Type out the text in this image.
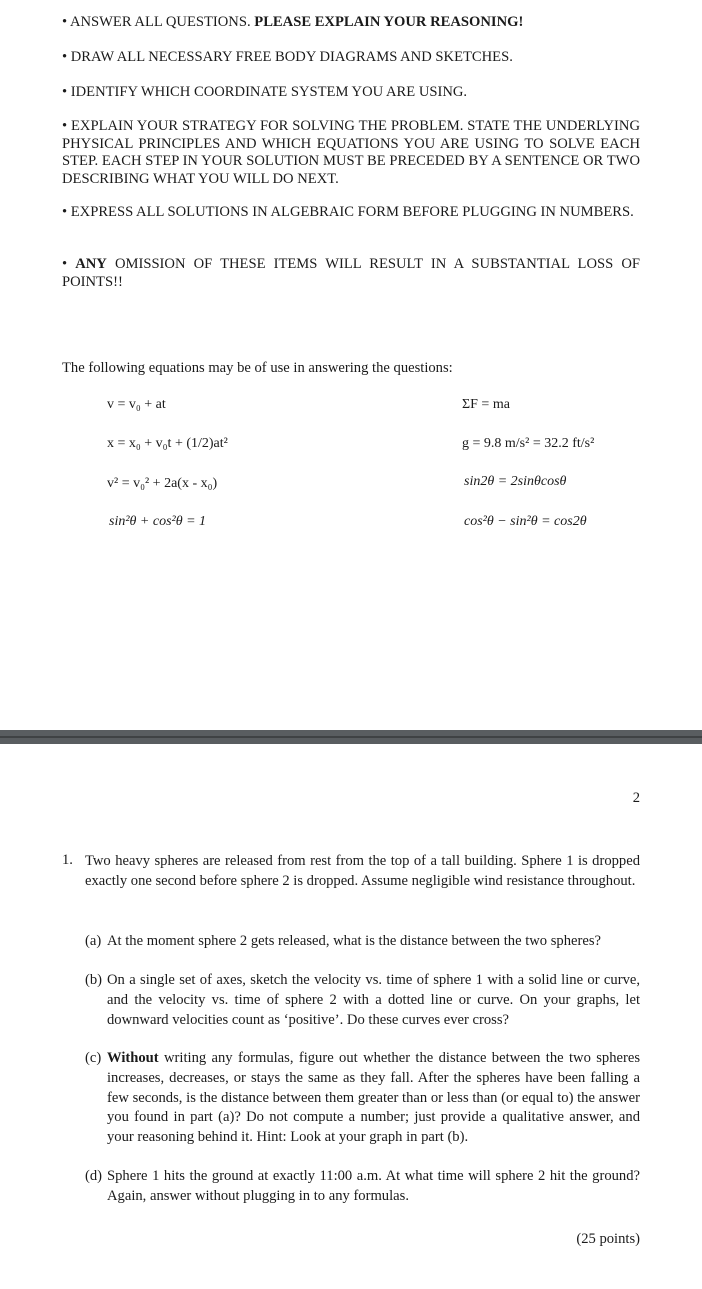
• ANSWER ALL QUESTIONS. PLEASE EXPLAIN YOUR REASONING!
• DRAW ALL NECESSARY FREE BODY DIAGRAMS AND SKETCHES.
• IDENTIFY WHICH COORDINATE SYSTEM YOU ARE USING.
• EXPLAIN YOUR STRATEGY FOR SOLVING THE PROBLEM. STATE THE UNDERLYING PHYSICAL PRINCIPLES AND WHICH EQUATIONS YOU ARE USING TO SOLVE EACH STEP. EACH STEP IN YOUR SOLUTION MUST BE PRECEDED BY A SENTENCE OR TWO DESCRIBING WHAT YOU WILL DO NEXT.
• EXPRESS ALL SOLUTIONS IN ALGEBRAIC FORM BEFORE PLUGGING IN NUMBERS.
• ANY OMISSION OF THESE ITEMS WILL RESULT IN A SUBSTANTIAL LOSS OF POINTS!!
The following equations may be of use in answering the questions:
v = v₀ + at	ΣF = ma
x = x₀ + v₀t + (1/2)at²	g = 9.8 m/s² = 32.2 ft/s²
v² = v₀² + 2a(x - x₀)	sin2θ = 2sinθcosθ
sin²θ + cos²θ = 1	cos²θ − sin²θ = cos2θ
2
1. Two heavy spheres are released from rest from the top of a tall building. Sphere 1 is dropped exactly one second before sphere 2 is dropped. Assume negligible wind resistance throughout.
(a) At the moment sphere 2 gets released, what is the distance between the two spheres?
(b) On a single set of axes, sketch the velocity vs. time of sphere 1 with a solid line or curve, and the velocity vs. time of sphere 2 with a dotted line or curve. On your graphs, let downward velocities count as ‘positive’. Do these curves ever cross?
(c) Without writing any formulas, figure out whether the distance between the two spheres increases, decreases, or stays the same as they fall. After the spheres have been falling a few seconds, is the distance between them greater than or less than (or equal to) the answer you found in part (a)? Do not compute a number; just provide a qualitative answer, and your reasoning behind it. Hint: Look at your graph in part (b).
(d) Sphere 1 hits the ground at exactly 11:00 a.m. At what time will sphere 2 hit the ground? Again, answer without plugging in to any formulas.
(25 points)
